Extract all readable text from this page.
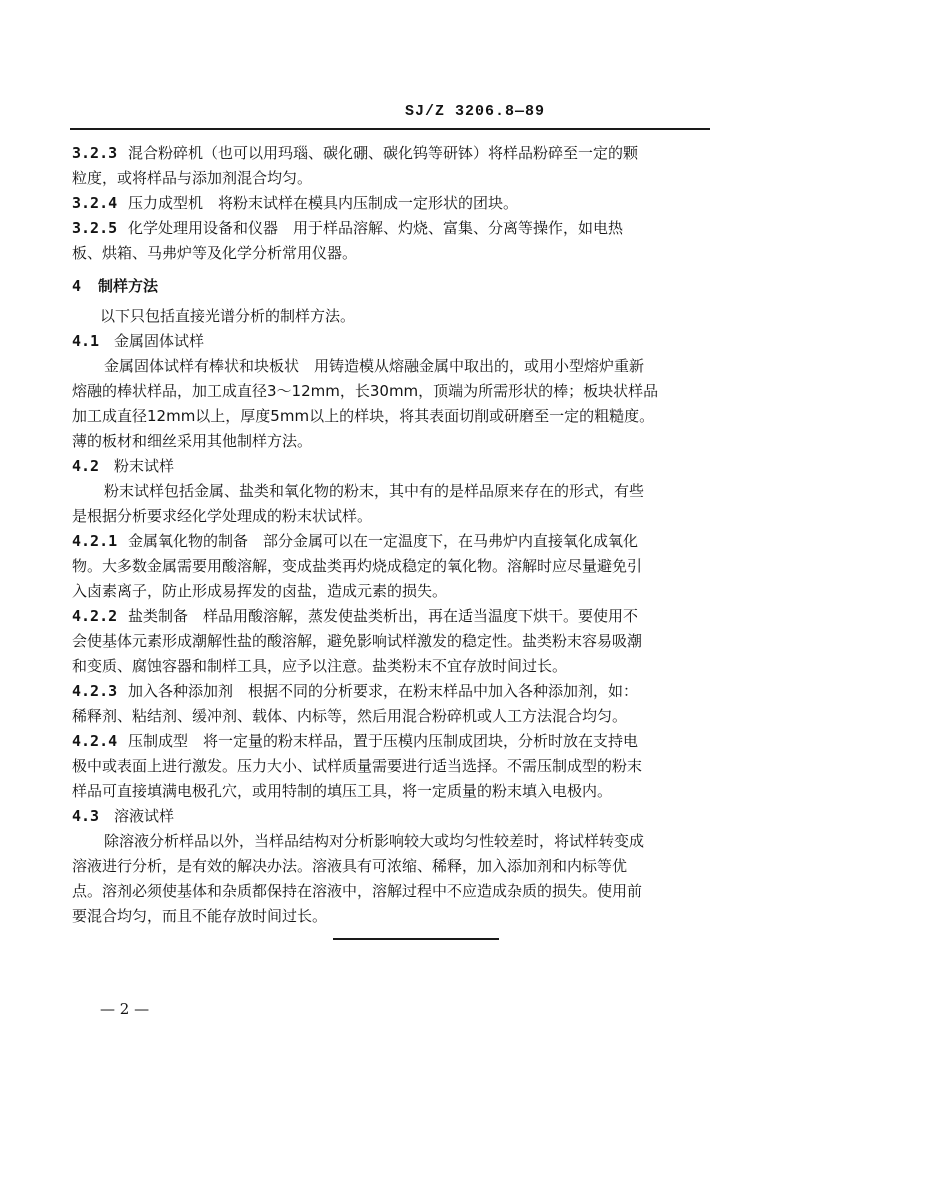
SJ/Z 3206.8—89
3.2.3 混合粉碎机（也可以用玛瑙、碳化硼、碳化钨等研钵）将样品粉碎至一定的颗
粒度，或将样品与添加剂混合均匀。
3.2.4 压力成型机　将粉末试样在模具内压制成一定形状的团块。
3.2.5 化学处理用设备和仪器　用于样品溶解、灼烧、富集、分离等操作，如电热
板、烘箱、马弗炉等及化学分析常用仪器。
4 制样方法
以下只包括直接光谱分析的制样方法。
4.1 金属固体试样
金属固体试样有棒状和块板状　用铸造模从熔融金属中取出的，或用小型熔炉重新
熔融的棒状样品，加工成直径3～12mm，长30mm，顶端为所需形状的棒；板块状样品
加工成直径12mm以上，厚度5mm以上的样块，将其表面切削或研磨至一定的粗糙度。
薄的板材和细丝采用其他制样方法。
4.2 粉末试样
粉末试样包括金属、盐类和氧化物的粉末，其中有的是样品原来存在的形式，有些
是根据分析要求经化学处理成的粉末状试样。
4.2.1 金属氧化物的制备　部分金属可以在一定温度下，在马弗炉内直接氧化成氧化
物。大多数金属需要用酸溶解，变成盐类再灼烧成稳定的氧化物。溶解时应尽量避免引
入卤素离子，防止形成易挥发的卤盐，造成元素的损失。
4.2.2 盐类制备　样品用酸溶解，蒸发使盐类析出，再在适当温度下烘干。要使用不
会使基体元素形成潮解性盐的酸溶解，避免影响试样激发的稳定性。盐类粉末容易吸潮
和变质、腐蚀容器和制样工具，应予以注意。盐类粉末不宜存放时间过长。
4.2.3 加入各种添加剂　根据不同的分析要求，在粉末样品中加入各种添加剂，如：
稀释剂、粘结剂、缓冲剂、载体、内标等，然后用混合粉碎机或人工方法混合均匀。
4.2.4 压制成型　将一定量的粉末样品，置于压模内压制成团块，分析时放在支持电
极中或表面上进行激发。压力大小、试样质量需要进行适当选择。不需压制成型的粉末
样品可直接填满电极孔穴，或用特制的填压工具，将一定质量的粉末填入电极内。
4.3 溶液试样
除溶液分析样品以外，当样品结构对分析影响较大或均匀性较差时，将试样转变成
溶液进行分析，是有效的解决办法。溶液具有可浓缩、稀释，加入添加剂和内标等优
点。溶剂必须使基体和杂质都保持在溶液中，溶解过程中不应造成杂质的损失。使用前
要混合均匀，而且不能存放时间过长。
— 2 —
